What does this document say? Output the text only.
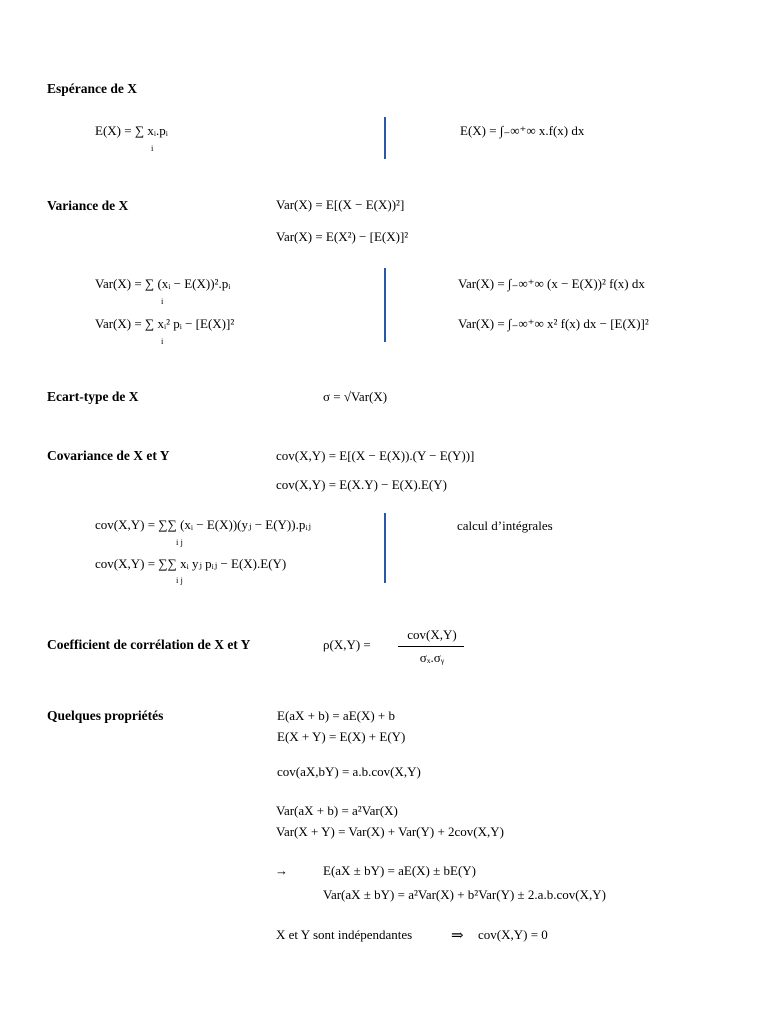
Espérance de X
E(X) = ∑ xᵢ.pᵢ
i
E(X) = ∫₋∞⁺∞ x.f(x) dx
Variance de X	Var(X) = E[(X − E(X))²]
Var(X) = E(X²) − [E(X)]²
Var(X) = ∑ (xᵢ − E(X))².pᵢ
i
Var(X) = ∑ xᵢ² pᵢ − [E(X)]²
i
Var(X) = ∫₋∞⁺∞ (x − E(X))² f(x) dx
Var(X) = ∫₋∞⁺∞ x² f(x) dx − [E(X)]²
Ecart-type de X	σ = √Var(X)
Covariance de X et Y	cov(X,Y) = E[(X − E(X)).(Y − E(Y))]
cov(X,Y) = E(X.Y) − E(X).E(Y)
cov(X,Y) = ∑∑ (xᵢ − E(X))(yⱼ − E(Y)).pᵢⱼ
i j
cov(X,Y) = ∑∑ xᵢ yⱼ pᵢⱼ − E(X).E(Y)
i j
calcul d’intégrales
Coefficient de corrélation de X et Y	ρ(X,Y) =
cov(X,Y)
σₓ.σᵧ
Quelques propriétés	E(aX + b) = aE(X) + b
E(X + Y) = E(X) + E(Y)
cov(aX,bY) = a.b.cov(X,Y)
Var(aX + b) = a²Var(X)
Var(X + Y) = Var(X) + Var(Y) + 2cov(X,Y)
→	E(aX ± bY) = aE(X) ± bE(Y)
Var(aX ± bY) = a²Var(X) + b²Var(Y) ± 2.a.b.cov(X,Y)
X et Y sont indépendantes	⇒ cov(X,Y) = 0
